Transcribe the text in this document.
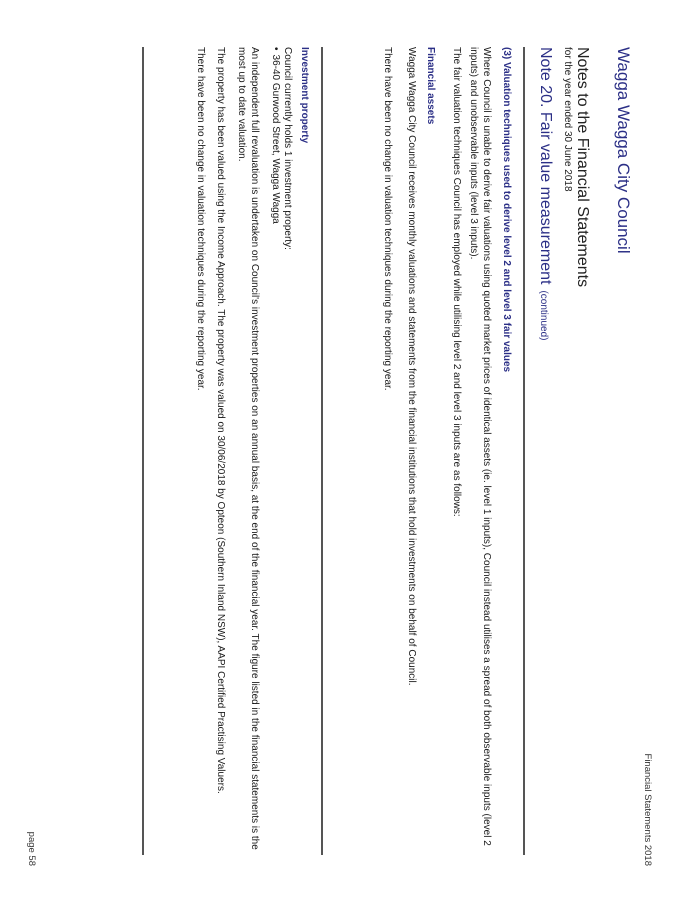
Financial Statements 2018
Wagga Wagga City Council
Notes to the Financial Statements
for the year ended 30 June 2018
Note 20. Fair value measurement(continued)

(3) Valuation techniques used to derive level 2 and level 3 fair values

Where Council is unable to derive fair valuations using quoted market prices of identical assets (ie. level 1 inputs), Council instead utilises a spread of both observable inputs (level 2 inputs) and unobservable inputs (level 3 inputs).

The fair valuation techniques Council has employed while utilising level 2 and level 3 inputs are as follows:

Financial assets

Wagga Wagga City Council receives monthly valuations and statements from the financial institutions that hold investments on behalf of Council.

There have been no change in valuation techniques during the reporting year.

Investment property

Council currently holds 1 investment property:

•36-40 Gurwood Street, Wagga Wagga

An independent full revaluation is undertaken on Council's investment properties on an annual basis, at the end of the financial year. The figure listed in the financial statements is the most up to date valuation.

The property has been valued using the Income Approach. The property was valued on 30/06/2018 by Opteon (Southern Inland NSW), AAPI Certified Practising Valuers.

There have been no change in valuation techniques during the reporting year.

page 58
